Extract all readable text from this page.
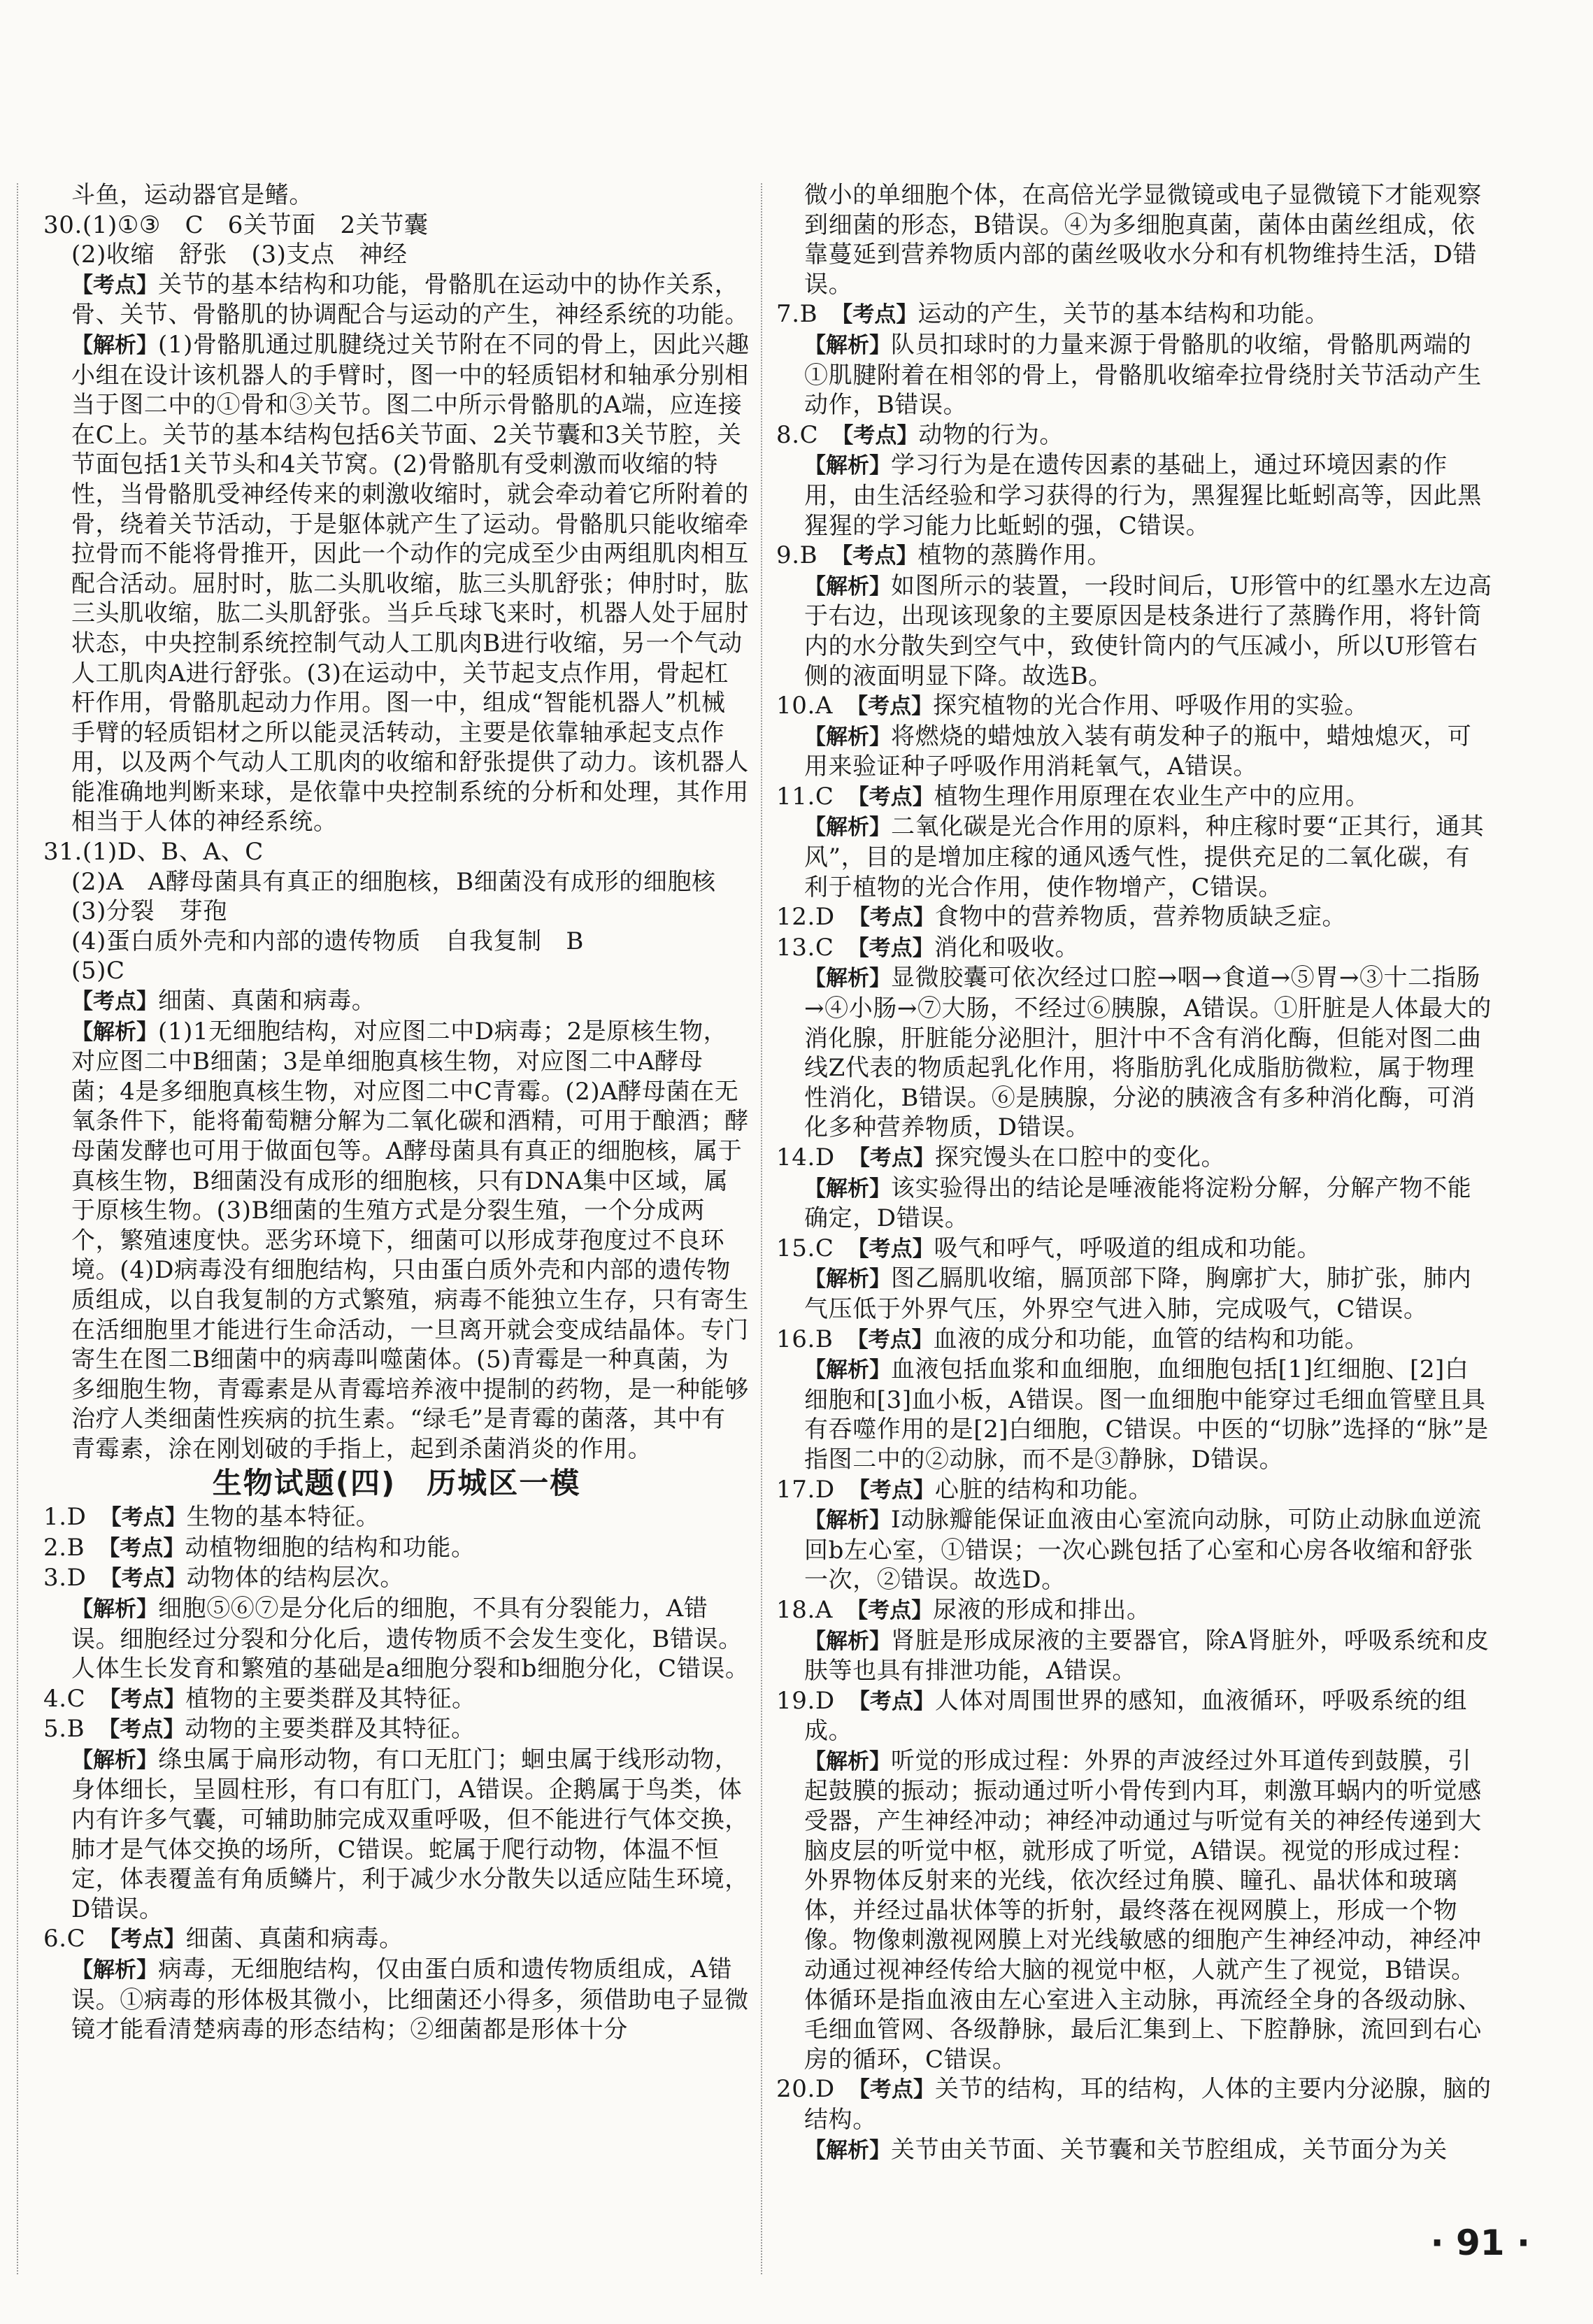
斗鱼，运动器官是鳍。

30.(1)①③　C　6关节面　2关节囊

(2)收缩　舒张　(3)支点　神经

【 考点 】 关节的基本结构和功能，骨骼肌在运动中的协作关系，骨、关节、骨骼肌的协调配合与运动的产生，神经系统的功能。

【 解析 】 (1)骨骼肌通过肌腱绕过关节附在不同的骨上，因此兴趣小组在设计该机器人的手臂时，图一中的轻质铝材和轴承分别相当于图二中的①骨和③关节。图二中所示骨骼肌的A端，应连接在C上。关节的基本结构包括6关节面、2关节囊和3关节腔，关节面包括1关节头和4关节窝。(2)骨骼肌有受刺激而收缩的特性，当骨骼肌受神经传来的刺激收缩时，就会牵动着它所附着的骨，绕着关节活动，于是躯体就产生了运动。骨骼肌只能收缩牵拉骨而不能将骨推开，因此一个动作的完成至少由两组肌肉相互配合活动。屈肘时，肱二头肌收缩，肱三头肌舒张；伸肘时，肱三头肌收缩，肱二头肌舒张。当乒乓球飞来时，机器人处于屈肘状态，中央控制系统控制气动人工肌肉B进行收缩，另一个气动人工肌肉A进行舒张。(3)在运动中，关节起支点作用，骨起杠杆作用，骨骼肌起动力作用。图一中，组成“智能机器人”机械手臂的轻质铝材之所以能灵活转动，主要是依靠轴承起支点作用，以及两个气动人工肌肉的收缩和舒张提供了动力。该机器人能准确地判断来球，是依靠中央控制系统的分析和处理，其作用相当于人体的神经系统。

31.(1)D、B、A、C

(2)A　A酵母菌具有真正的细胞核，B细菌没有成形的细胞核

(3)分裂　芽孢

(4)蛋白质外壳和内部的遗传物质　自我复制　B

(5)C

【 考点 】 细菌、真菌和病毒。

【 解析 】 (1)1无细胞结构，对应图二中D病毒；2是原核生物，对应图二中B细菌；3是单细胞真核生物，对应图二中A酵母菌；4是多细胞真核生物，对应图二中C青霉。(2)A酵母菌在无氧条件下，能将葡萄糖分解为二氧化碳和酒精，可用于酿酒；酵母菌发酵也可用于做面包等。A酵母菌具有真正的细胞核，属于真核生物，B细菌没有成形的细胞核，只有DNA集中区域，属于原核生物。(3)B细菌的生殖方式是分裂生殖，一个分成两个，繁殖速度快。恶劣环境下，细菌可以形成芽孢度过不良环境。(4)D病毒没有细胞结构，只由蛋白质外壳和内部的遗传物质组成，以自我复制的方式繁殖，病毒不能独立生存，只有寄生在活细胞里才能进行生命活动，一旦离开就会变成结晶体。专门寄生在图二B细菌中的病毒叫噬菌体。(5)青霉是一种真菌，为多细胞生物，青霉素是从青霉培养液中提制的药物，是一种能够治疗人类细菌性疾病的抗生素。“绿毛”是青霉的菌落，其中有青霉素，涂在刚划破的手指上，起到杀菌消炎的作用。

生物试题(四)　历城区一模

1.D　 【 考点 】 生物的基本特征。

2.B　 【 考点 】 动植物细胞的结构和功能。

3.D　 【 考点 】 动物体的结构层次。

【 解析 】 细胞⑤⑥⑦是分化后的细胞，不具有分裂能力，A错误。细胞经过分裂和分化后，遗传物质不会发生变化，B错误。人体生长发育和繁殖的基础是a细胞分裂和b细胞分化，C错误。

4.C　 【 考点 】 植物的主要类群及其特征。

5.B　 【 考点 】 动物的主要类群及其特征。

【 解析 】 绦虫属于扁形动物，有口无肛门；蛔虫属于线形动物，身体细长，呈圆柱形，有口有肛门，A错误。企鹅属于鸟类，体内有许多气囊，可辅助肺完成双重呼吸，但不能进行气体交换，肺才是气体交换的场所，C错误。蛇属于爬行动物，体温不恒定，体表覆盖有角质鳞片，利于减少水分散失以适应陆生环境，D错误。

6.C　 【 考点 】 细菌、真菌和病毒。

【 解析 】 病毒，无细胞结构，仅由蛋白质和遗传物质组成，A错误。①病毒的形体极其微小，比细菌还小得多，须借助电子显微镜才能看清楚病毒的形态结构；②细菌都是形体十分

微小的单细胞个体，在高倍光学显微镜或电子显微镜下才能观察到细菌的形态，B错误。④为多细胞真菌，菌体由菌丝组成，依靠蔓延到营养物质内部的菌丝吸收水分和有机物维持生活，D错误。

7.B　 【 考点 】 运动的产生，关节的基本结构和功能。

【 解析 】 队员扣球时的力量来源于骨骼肌的收缩，骨骼肌两端的①肌腱附着在相邻的骨上，骨骼肌收缩牵拉骨绕肘关节活动产生动作，B错误。

8.C　 【 考点 】 动物的行为。

【 解析 】 学习行为是在遗传因素的基础上，通过环境因素的作用，由生活经验和学习获得的行为，黑猩猩比蚯蚓高等，因此黑猩猩的学习能力比蚯蚓的强，C错误。

9.B　 【 考点 】 植物的蒸腾作用。

【 解析 】 如图所示的装置，一段时间后，U形管中的红墨水左边高于右边，出现该现象的主要原因是枝条进行了蒸腾作用，将针筒内的水分散失到空气中，致使针筒内的气压减小，所以U形管右侧的液面明显下降。故选B。

10.A　 【 考点 】 探究植物的光合作用、呼吸作用的实验。

【 解析 】 将燃烧的蜡烛放入装有萌发种子的瓶中，蜡烛熄灭，可用来验证种子呼吸作用消耗氧气，A错误。

11.C　 【 考点 】 植物生理作用原理在农业生产中的应用。

【 解析 】 二氧化碳是光合作用的原料，种庄稼时要“正其行，通其风”，目的是增加庄稼的通风透气性，提供充足的二氧化碳，有利于植物的光合作用，使作物增产，C错误。

12.D　 【 考点 】 食物中的营养物质，营养物质缺乏症。

13.C　 【 考点 】 消化和吸收。

【 解析 】 显微胶囊可依次经过口腔→咽→食道→⑤胃→③十二指肠→④小肠→⑦大肠，不经过⑥胰腺，A错误。①肝脏是人体最大的消化腺，肝脏能分泌胆汁，胆汁中不含有消化酶，但能对图二曲线Z代表的物质起乳化作用，将脂肪乳化成脂肪微粒，属于物理性消化，B错误。⑥是胰腺，分泌的胰液含有多种消化酶，可消化多种营养物质，D错误。

14.D　 【 考点 】 探究馒头在口腔中的变化。

【 解析 】 该实验得出的结论是唾液能将淀粉分解，分解产物不能确定，D错误。

15.C　 【 考点 】 吸气和呼气，呼吸道的组成和功能。

【 解析 】 图乙膈肌收缩，膈顶部下降，胸廓扩大，肺扩张，肺内气压低于外界气压，外界空气进入肺，完成吸气，C错误。

16.B　 【 考点 】 血液的成分和功能，血管的结构和功能。

【 解析 】 血液包括血浆和血细胞，血细胞包括[1]红细胞、[2]白细胞和[3]血小板，A错误。图一血细胞中能穿过毛细血管壁且具有吞噬作用的是[2]白细胞，C错误。中医的“切脉”选择的“脉”是指图二中的②动脉，而不是③静脉，D错误。

17.D　 【 考点 】 心脏的结构和功能。

【 解析 】 Ⅰ动脉瓣能保证血液由心室流向动脉，可防止动脉血逆流回b左心室，①错误；一次心跳包括了心室和心房各收缩和舒张一次，②错误。故选D。

18.A　 【 考点 】 尿液的形成和排出。

【 解析 】 肾脏是形成尿液的主要器官，除A肾脏外，呼吸系统和皮肤等也具有排泄功能，A错误。

19.D　 【 考点 】 人体对周围世界的感知，血液循环，呼吸系统的组成。

【 解析 】 听觉的形成过程：外界的声波经过外耳道传到鼓膜，引起鼓膜的振动；振动通过听小骨传到内耳，刺激耳蜗内的听觉感受器，产生神经冲动；神经冲动通过与听觉有关的神经传递到大脑皮层的听觉中枢，就形成了听觉，A错误。视觉的形成过程：外界物体反射来的光线，依次经过角膜、瞳孔、晶状体和玻璃体，并经过晶状体等的折射，最终落在视网膜上，形成一个物像。物像刺激视网膜上对光线敏感的细胞产生神经冲动，神经冲动通过视神经传给大脑的视觉中枢，人就产生了视觉，B错误。体循环是指血液由左心室进入主动脉，再流经全身的各级动脉、毛细血管网、各级静脉，最后汇集到上、下腔静脉，流回到右心房的循环，C错误。

20.D　 【 考点 】 关节的结构，耳的结构，人体的主要内分泌腺，脑的结构。

【 解析 】 关节由关节面、关节囊和关节腔组成，关节面分为关

· 91 ·
